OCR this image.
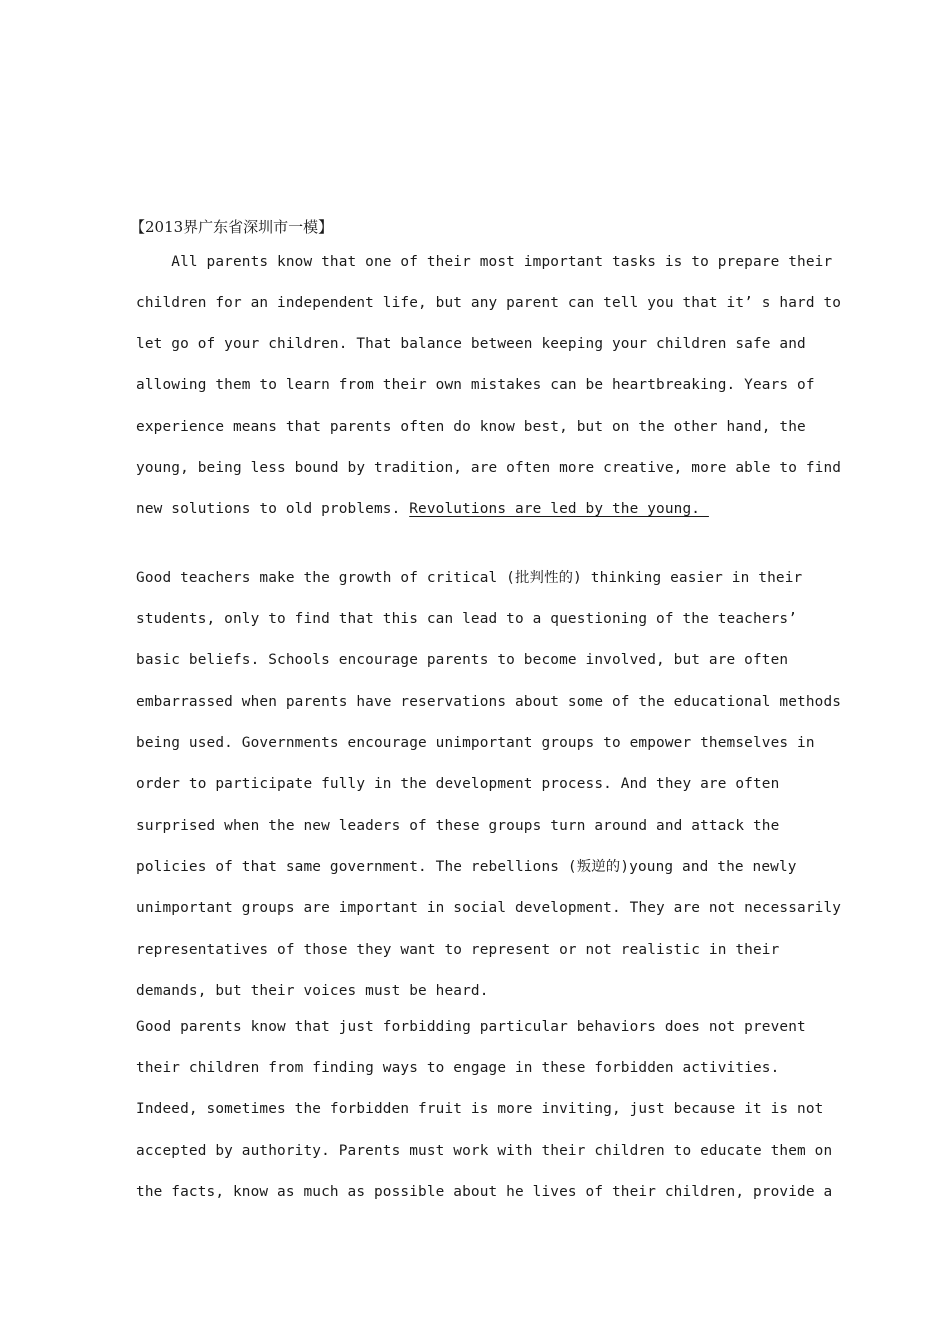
【2013界广东省深圳市一模】
All parents know that one of their most important tasks is to prepare their
children for an independent life, but any parent can tell you that it’ s hard to
let go of your children. That balance between keeping your children safe and
allowing them to learn from their own mistakes can be heartbreaking. Years of
experience means that parents often do know best, but on the other hand, the
young, being less bound by tradition, are often more creative, more able to find
new solutions to old problems. Revolutions are led by the young.
Good teachers make the growth of critical (批判性的) thinking easier in their
students, only to find that this can lead to a questioning of the teachers’
basic beliefs. Schools encourage parents to become involved, but are often
embarrassed when parents have reservations about some of the educational methods
being used. Governments encourage unimportant groups to empower themselves in
order to participate fully in the development process. And they are often
surprised when the new leaders of these groups turn around and attack the
policies of that same government. The rebellions (叛逆的)young and the newly
unimportant groups are important in social development. They are not necessarily
representatives of those they want to represent or not realistic in their
demands, but their voices must be heard.
Good parents know that just forbidding particular behaviors does not prevent
their children from finding ways to engage in these forbidden activities.
Indeed, sometimes the forbidden fruit is more inviting, just because it is not
accepted by authority. Parents must work with their children to educate them on
the facts, know as much as possible about he lives of their children, provide a
